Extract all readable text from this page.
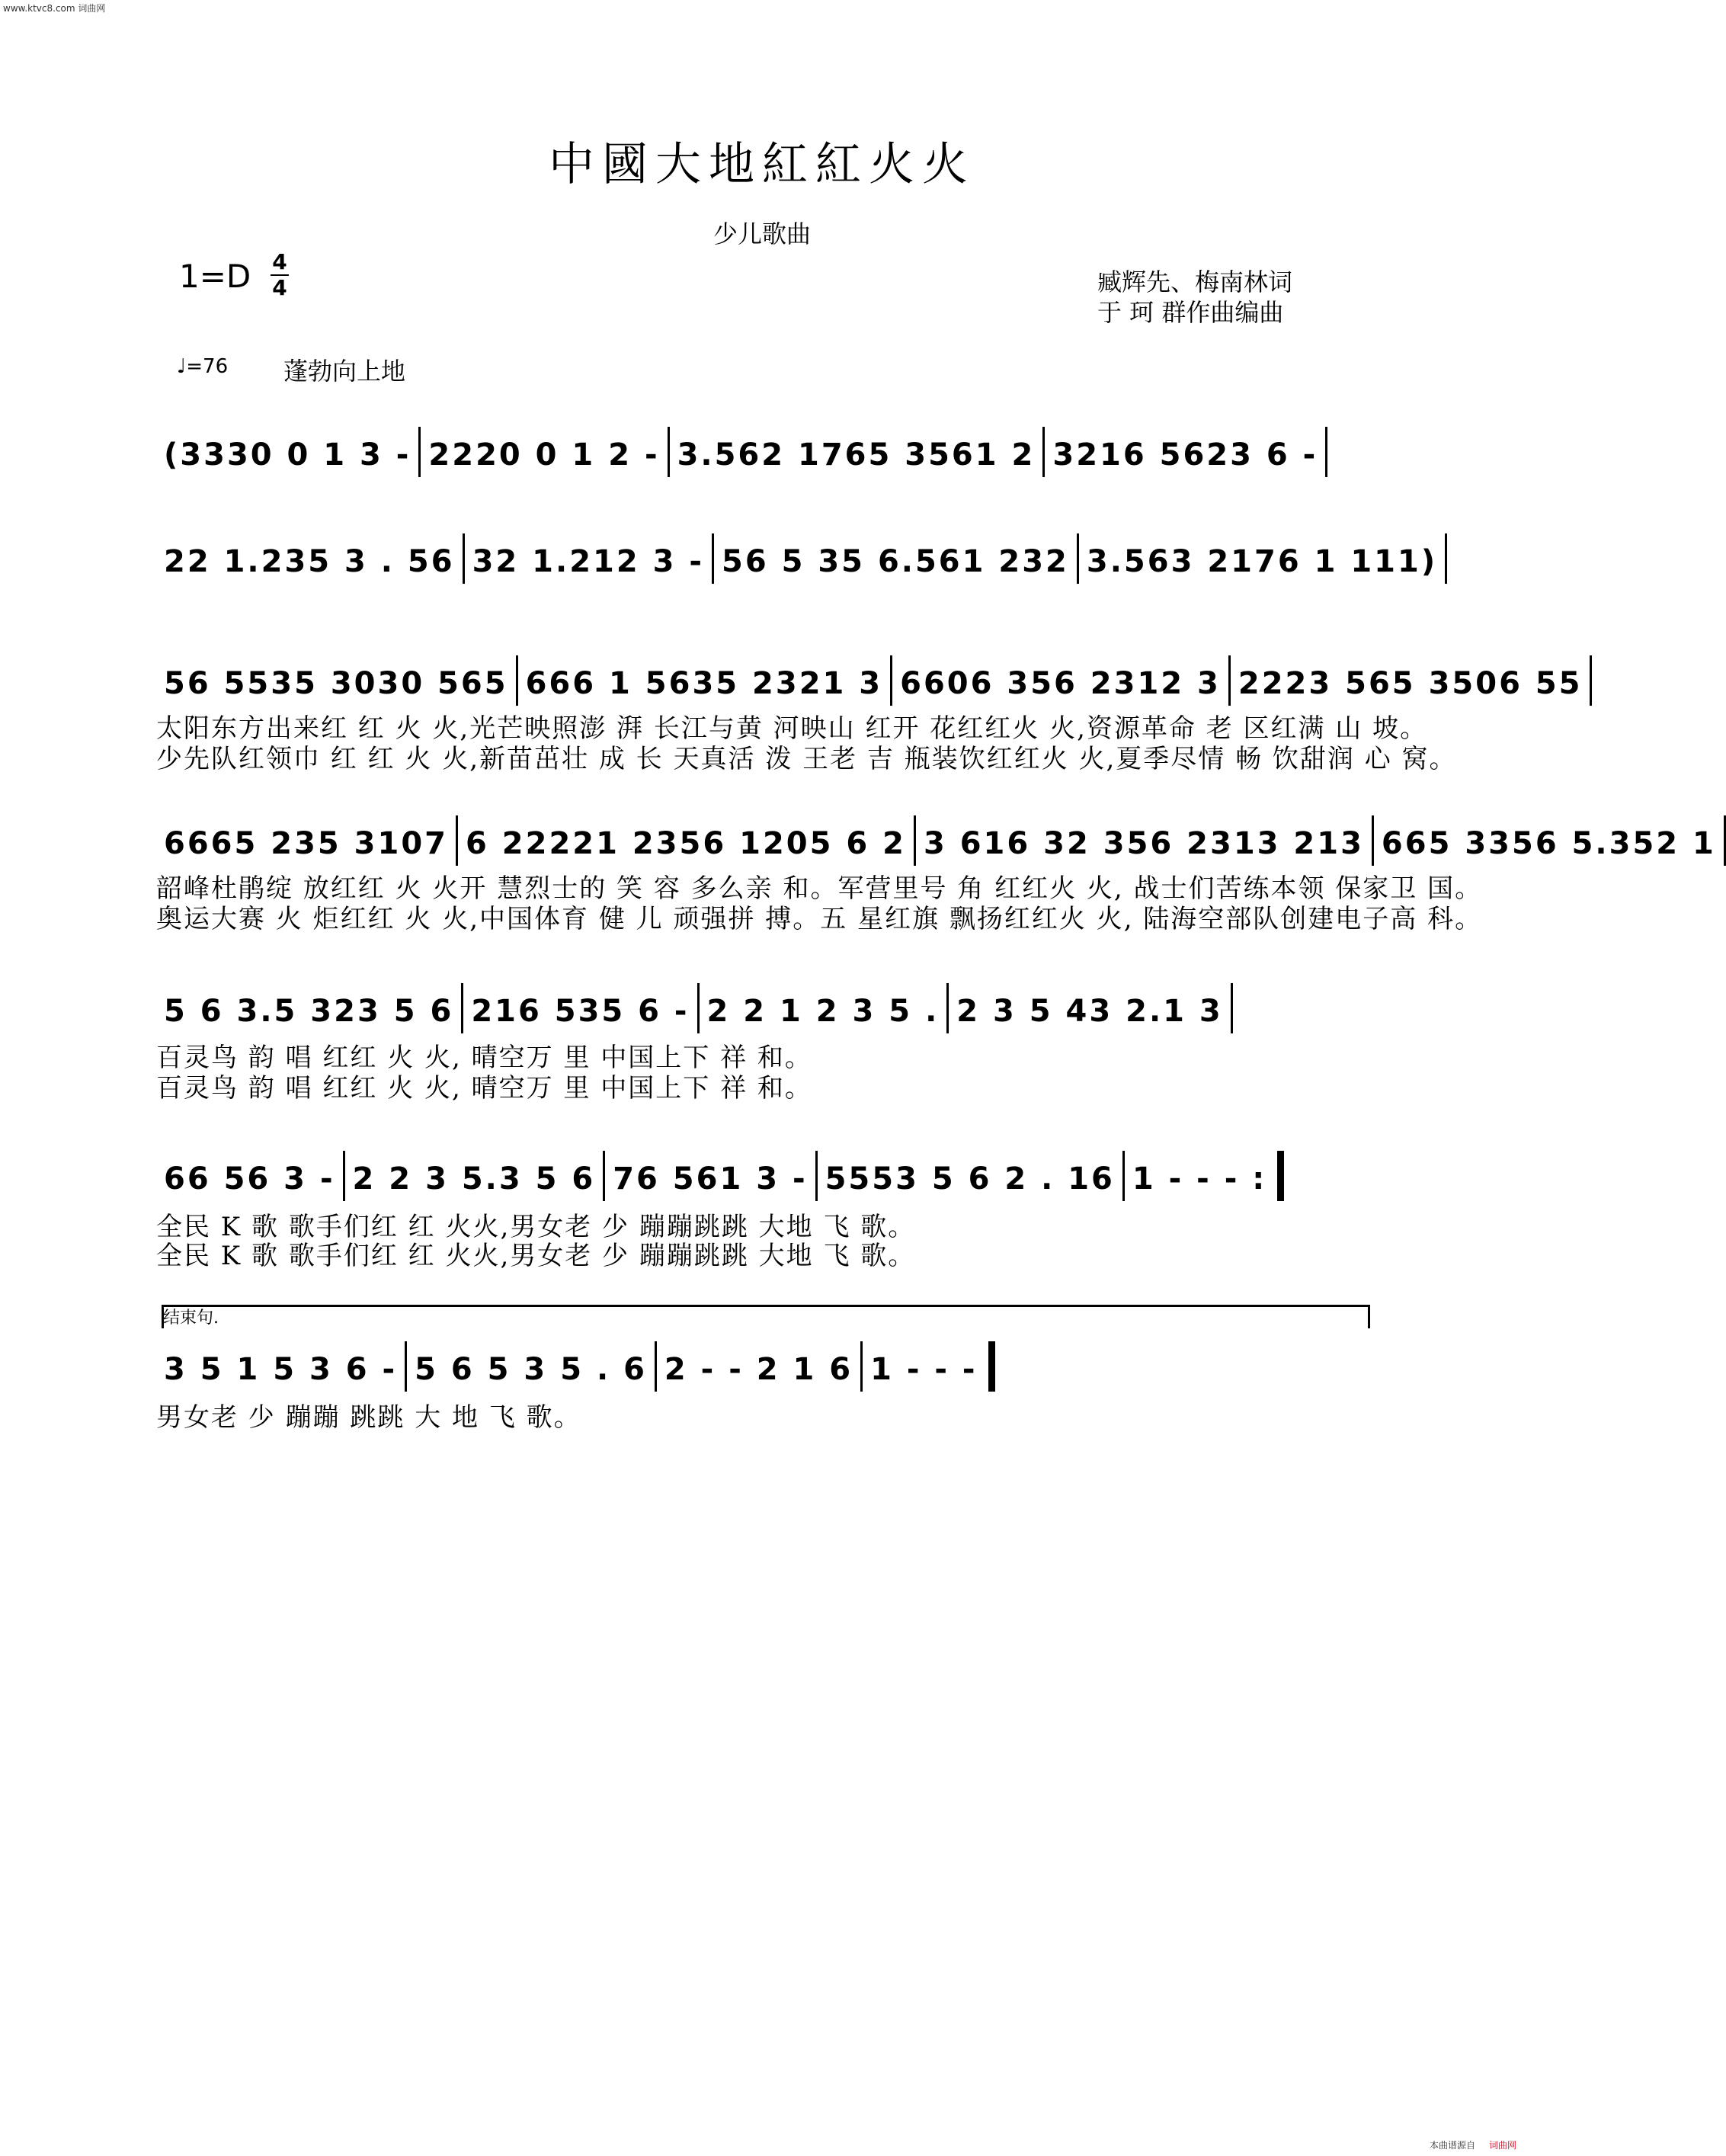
www.ktvc8.com 词曲网
中國大地紅紅火火
少儿歌曲
1=D 4
4	臧辉先、梅南林词
于 珂 群作曲编曲
♩=76 蓬勃向上地
(3330 0 1 3 - 2220 0 1 2 - 3.562 1765 3561 2 3216 5623 6 -
22 1.235 3 . 56 32 1.212 3 - 56 5 35 6.561 232 3.563 2176 1 111)
56 5535 3030 565 666 1 5635 2321 3 6606 356 2312 3 2223 565 3506 55
太阳东方出来红 红 火 火,光芒映照澎 湃 长江与黄 河映山 红开 花红红火 火,资源革命 老 区红满 山 坡。
少先队红领巾 红 红 火 火,新苗茁壮 成 长 天真活 泼 王老 吉 瓶装饮红红火 火,夏季尽情 畅 饮甜润 心 窝。
6665 235 3107 6 22221 2356 1205 6 2 3 616 32 356 2313 213 665 3356 5.352 1
韶峰杜鹃绽 放红红 火 火开 慧烈士的 笑 容 多么亲 和。军营里号 角 红红火 火, 战士们苦练本领 保家卫 国。
奥运大赛 火 炬红红 火 火,中国体育 健 儿 顽强拼 搏。五 星红旗 飘扬红红火 火, 陆海空部队创建电子高 科。
5 6 3.5 323 5 6 216 535 6 - 2 2 1 2 3 5 . 2 3 5 43 2.1 3
百灵鸟 韵 唱 红红 火 火, 晴空万 里 中国上下 祥 和。
百灵鸟 韵 唱 红红 火 火, 晴空万 里 中国上下 祥 和。
66 56 3 - 2 2 3 5.3 5 6 76 561 3 - 5553 5 6 2 . 16 1 - - - :
全民 K 歌 歌手们红 红 火火,男女老 少 蹦蹦跳跳 大地 飞 歌。
全民 K 歌 歌手们红 红 火火,男女老 少 蹦蹦跳跳 大地 飞 歌。
结束句.
3 5 1 5 3 6 - 5 6 5 3 5 . 6 2 - - 2 1 6 1 - - -
男女老 少 蹦蹦 跳跳 大 地 飞 歌。
本曲谱源自 词曲网
